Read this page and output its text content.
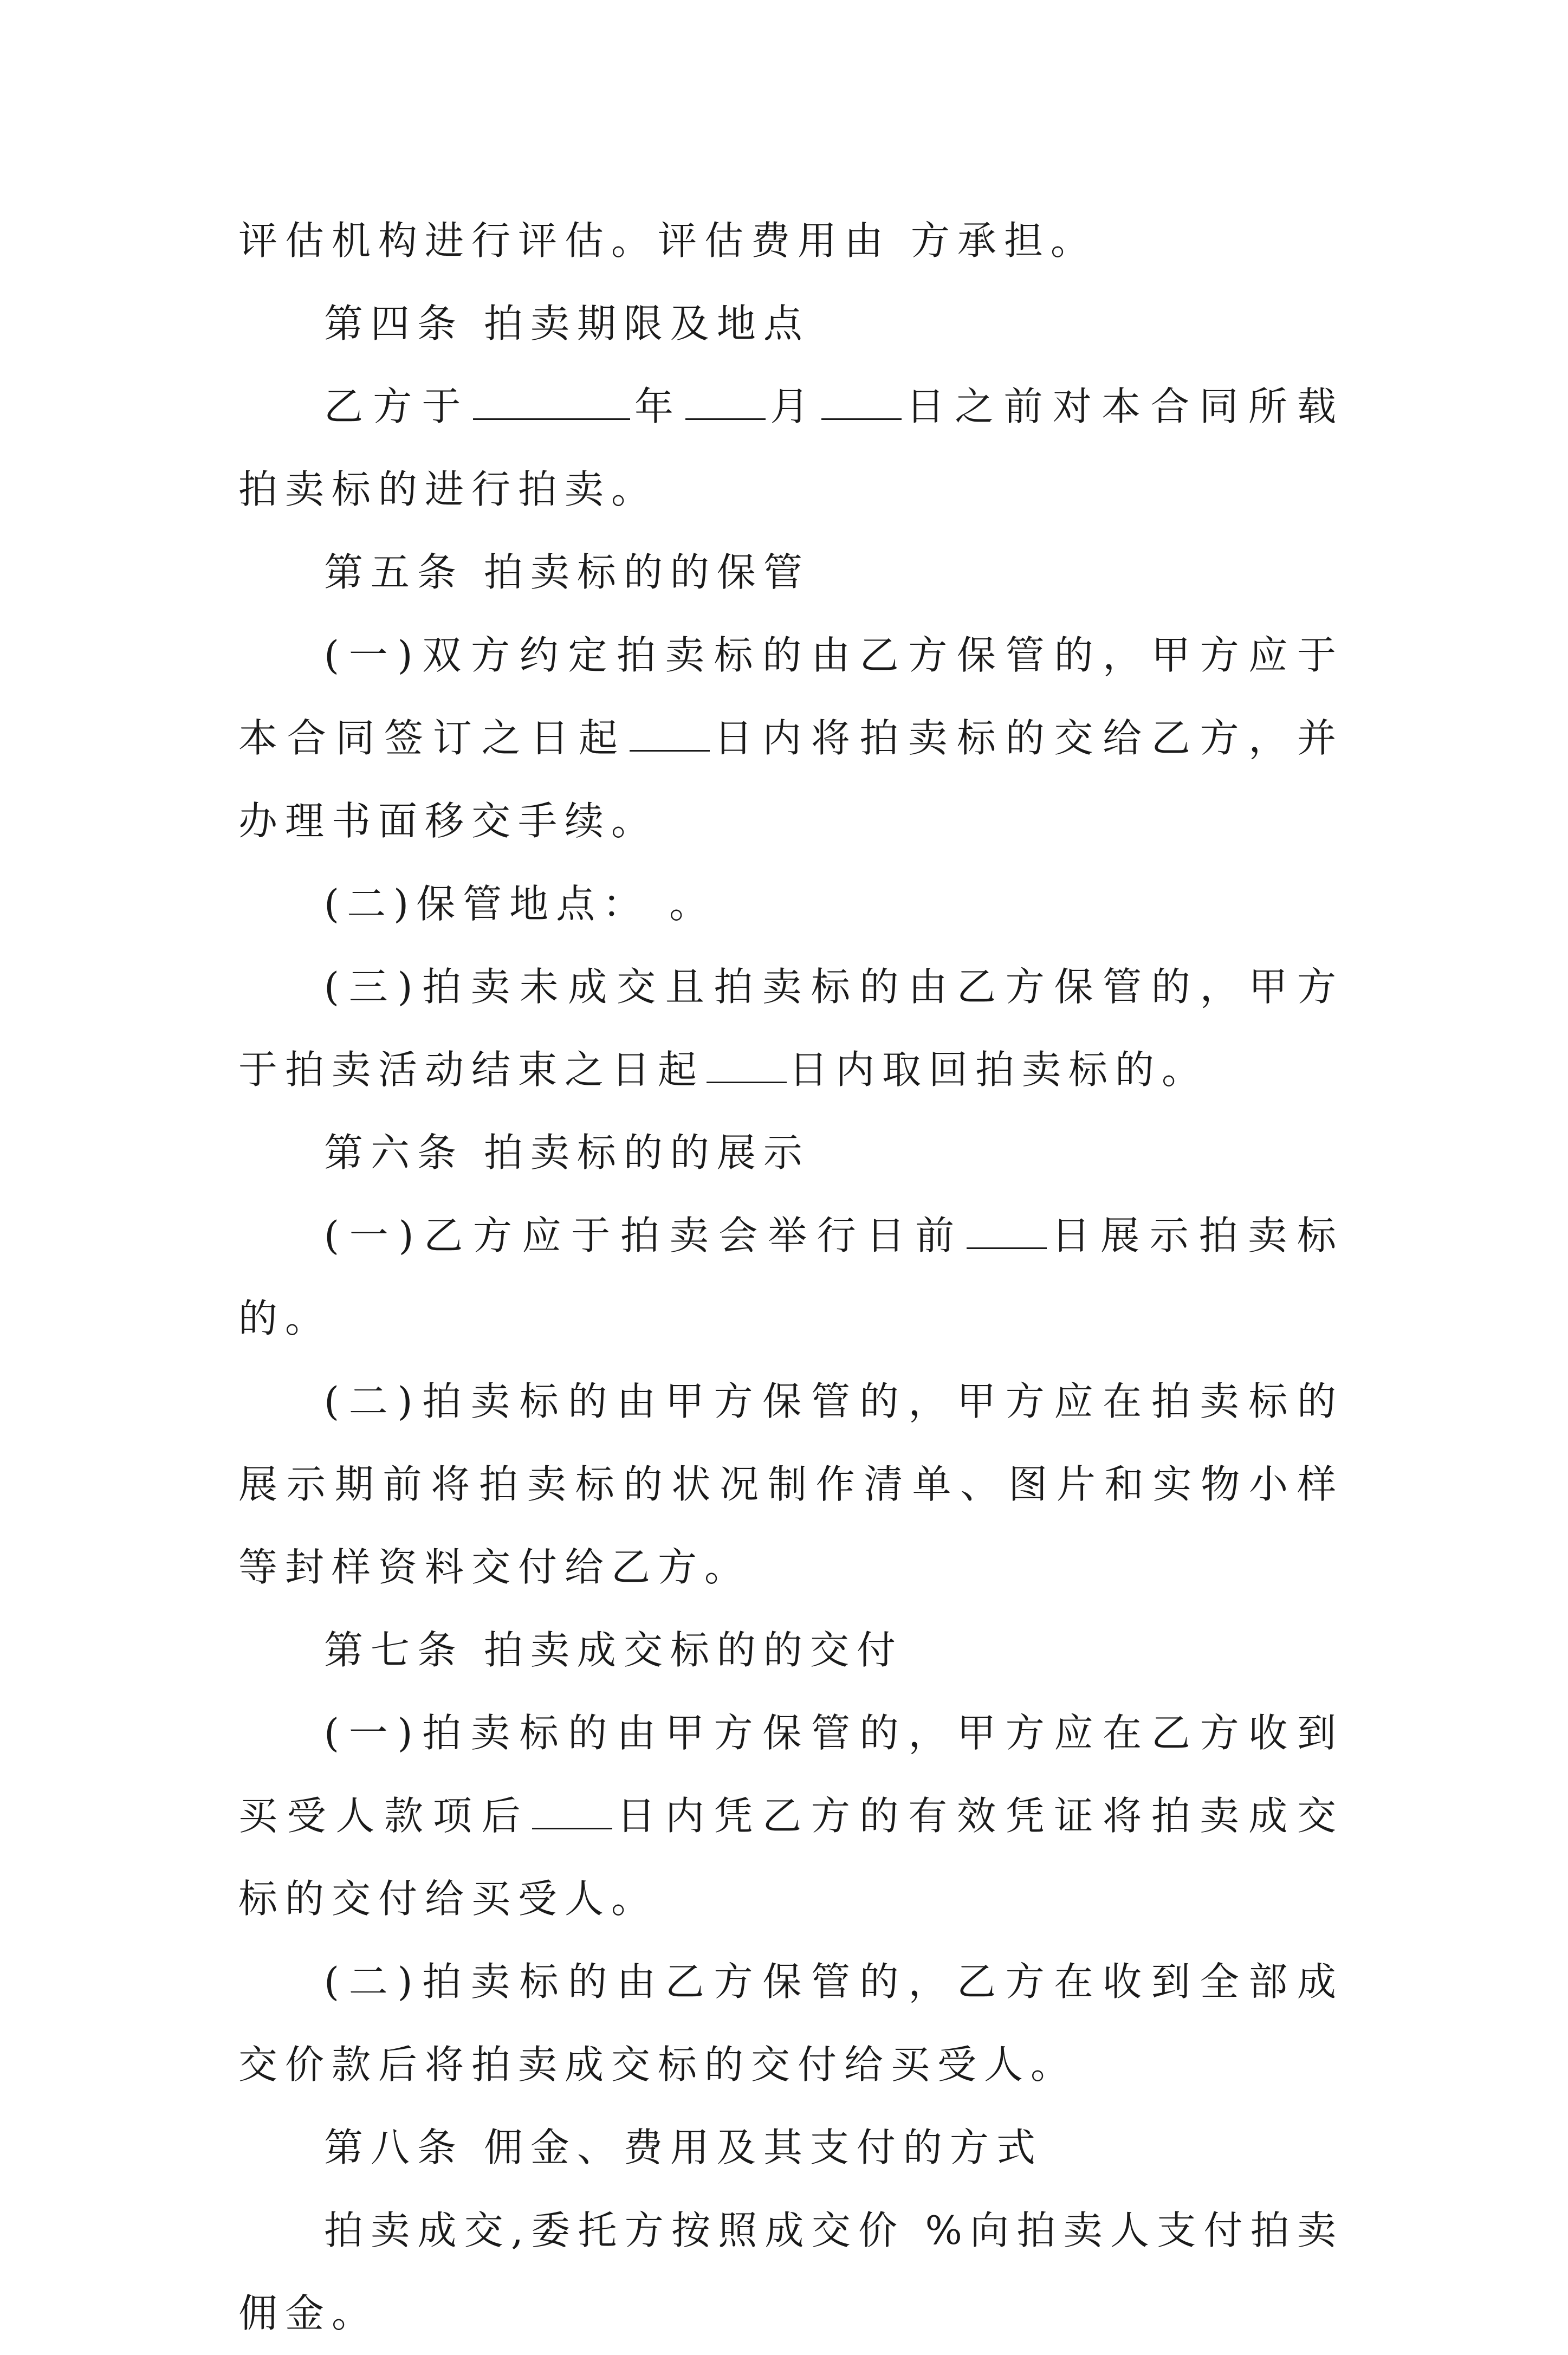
评估机构进行评估。评估费用由 方承担。

第四条 拍卖期限及地点

乙方于	年 月 日之前对本合同所载拍卖标的进行拍卖。

第五条 拍卖标的的保管

(一)双方约定拍卖标的由乙方保管的，甲方应于本合同签订之日起 日内将拍卖标的交给乙方，并办理书面移交手续。

(二)保管地点： 。

(三)拍卖未成交且拍卖标的由乙方保管的，甲方于拍卖活动结束之日起 日内取回拍卖标的。

第六条 拍卖标的的展示

(一)乙方应于拍卖会举行日前 日展示拍卖标的。

(二)拍卖标的由甲方保管的，甲方应在拍卖标的展示期前将拍卖标的状况制作清单、图片和实物小样等封样资料交付给乙方。

第七条 拍卖成交标的的交付

(一)拍卖标的由甲方保管的，甲方应在乙方收到买受人款项后 日内凭乙方的有效凭证将拍卖成交标的交付给买受人。

(二)拍卖标的由乙方保管的，乙方在收到全部成交价款后将拍卖成交标的交付给买受人。

第八条 佣金、费用及其支付的方式

拍卖成交,委托方按照成交价 %向拍卖人支付拍卖佣金。
